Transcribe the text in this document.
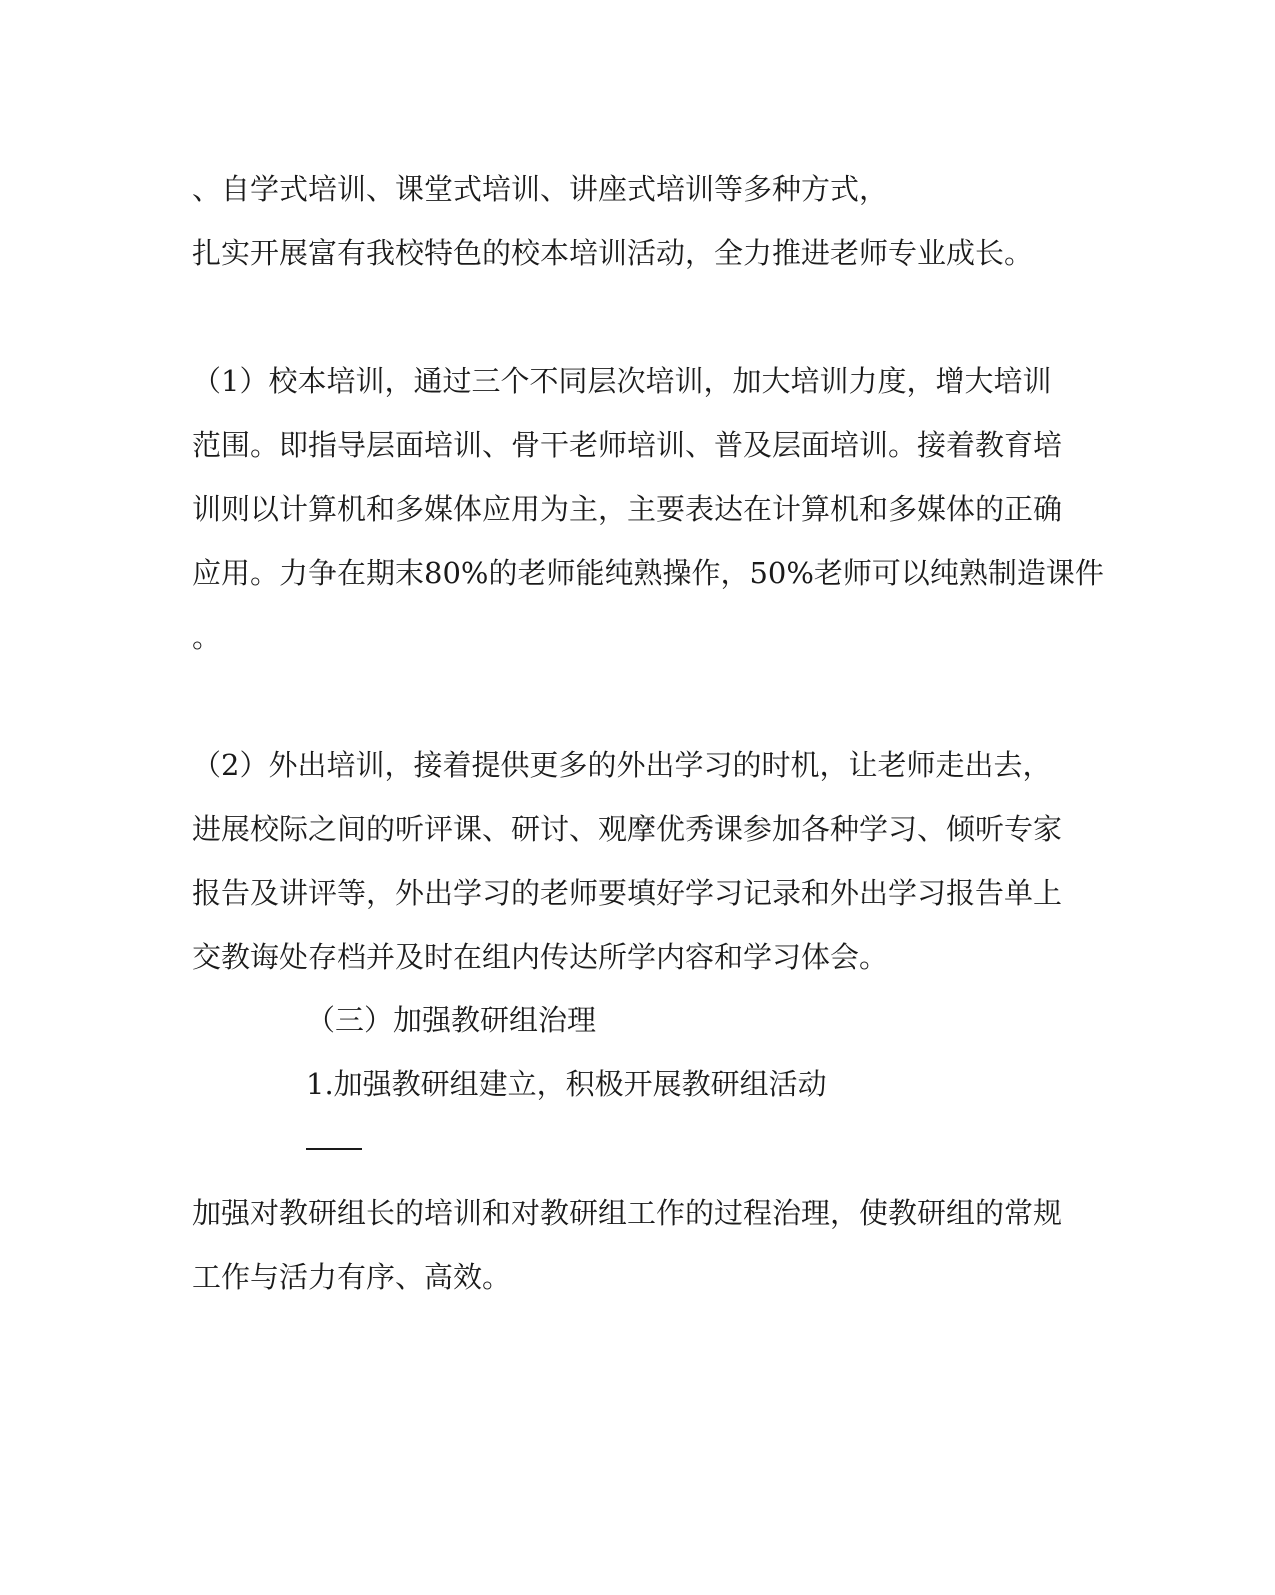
、自学式培训、课堂式培训、讲座式培训等多种方式，
扎实开展富有我校特色的校本培训活动，全力推进老师专业成长。
（1）校本培训，通过三个不同层次培训，加大培训力度，增大培训
范围。即指导层面培训、骨干老师培训、普及层面培训。接着教育培
训则以计算机和多媒体应用为主，主要表达在计算机和多媒体的正确
应用。力争在期末80%的老师能纯熟操作，50%老师可以纯熟制造课件
。
（2）外出培训，接着提供更多的外出学习的时机，让老师走出去，
进展校际之间的听评课、研讨、观摩优秀课参加各种学习、倾听专家
报告及讲评等，外出学习的老师要填好学习记录和外出学习报告单上
交教诲处存档并及时在组内传达所学内容和学习体会。
（三）加强教研组治理
1.加强教研组建立，积极开展教研组活动
加强对教研组长的培训和对教研组工作的过程治理，使教研组的常规
工作与活力有序、高效。
